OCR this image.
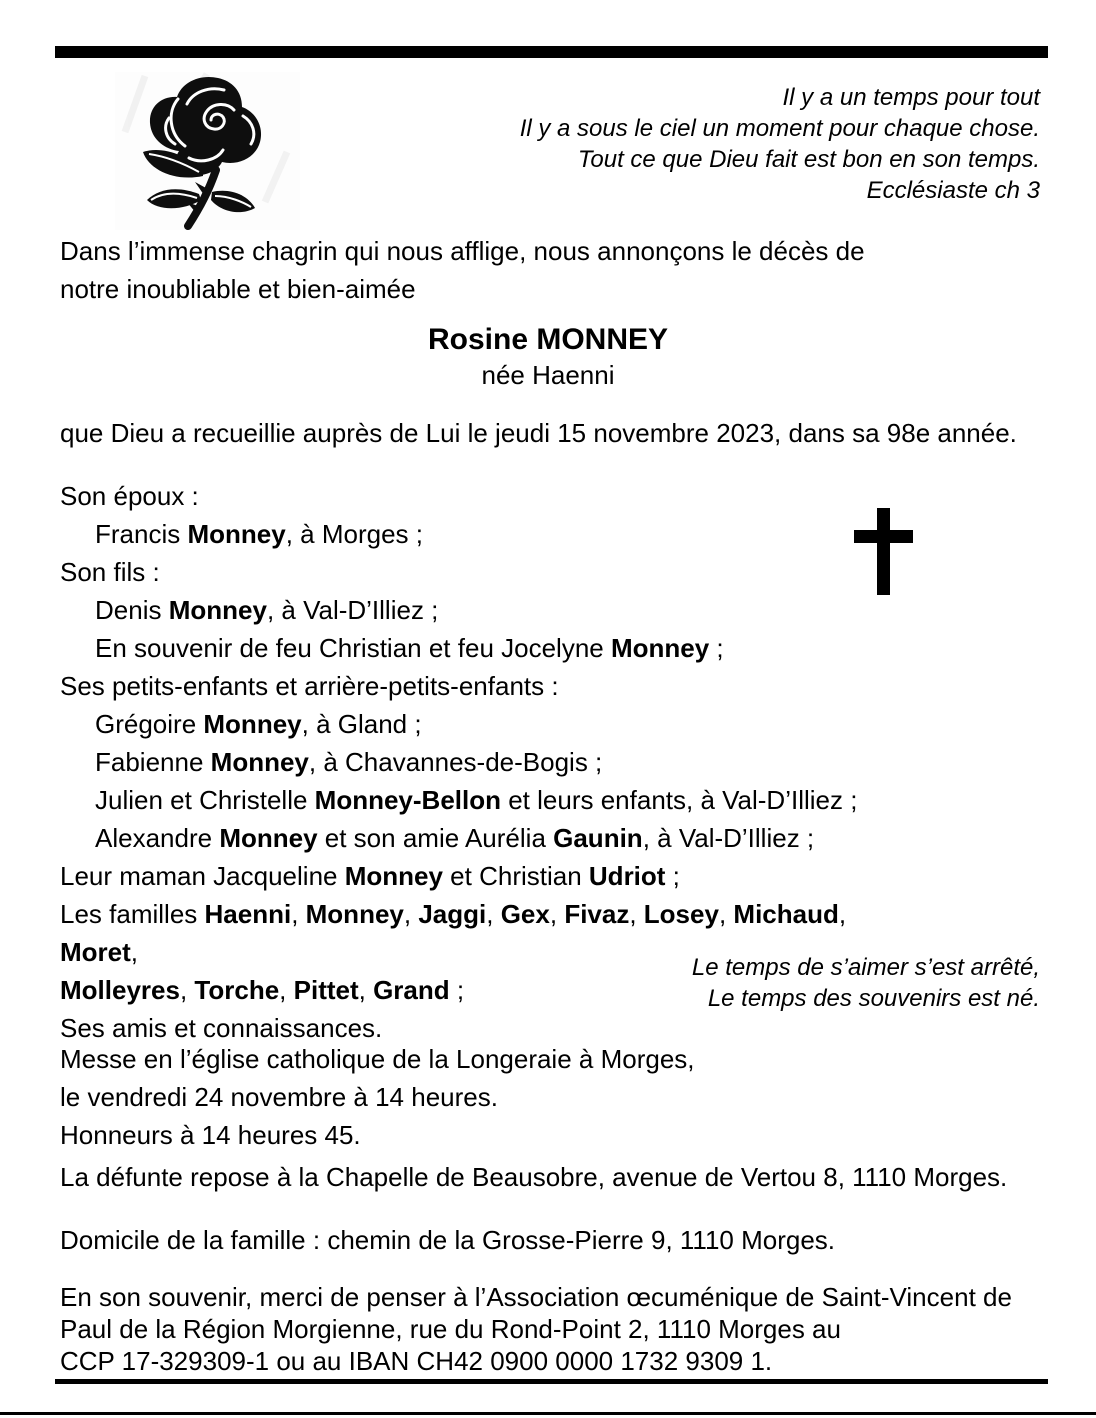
Il y a un temps pour tout
Il y a sous le ciel un moment pour chaque chose.
Tout ce que Dieu fait est bon en son temps.
Ecclésiaste ch 3
Dans l’immense chagrin qui nous afflige, nous annonçons le décès de
notre inoubliable et bien-aimée
Rosine MONNEY
née Haenni
que Dieu a recueillie auprès de Lui le jeudi 15 novembre 2023, dans sa 98e année.
Son époux :
Francis Monney, à Morges ;
Son fils :
Denis Monney, à Val-D’Illiez ;
En souvenir de feu Christian et feu Jocelyne Monney ;
Ses petits-enfants et arrière-petits-enfants :
Grégoire Monney, à Gland ;
Fabienne Monney, à Chavannes-de-Bogis ;
Julien et Christelle Monney-Bellon et leurs enfants, à Val-D’Illiez ;
Alexandre Monney et son amie Aurélia Gaunin, à Val-D’Illiez ;
Leur maman Jacqueline Monney et Christian Udriot ;
Les familles Haenni, Monney, Jaggi, Gex, Fivaz, Losey, Michaud, Moret,
Molleyres, Torche, Pittet, Grand ;
Ses amis et connaissances.
Le temps de s’aimer s’est arrêté,
Le temps des souvenirs est né.
Messe en l’église catholique de la Longeraie à Morges,
le vendredi 24 novembre à 14 heures.
Honneurs à 14 heures 45.
La défunte repose à la Chapelle de Beausobre, avenue de Vertou 8, 1110 Morges.
Domicile de la famille : chemin de la Grosse-Pierre 9, 1110 Morges.
En son souvenir, merci de penser à l’Association œcuménique de Saint-Vincent de
Paul de la Région Morgienne, rue du Rond-Point 2, 1110 Morges au
CCP 17-329309-1 ou au IBAN CH42 0900 0000 1732 9309 1.
